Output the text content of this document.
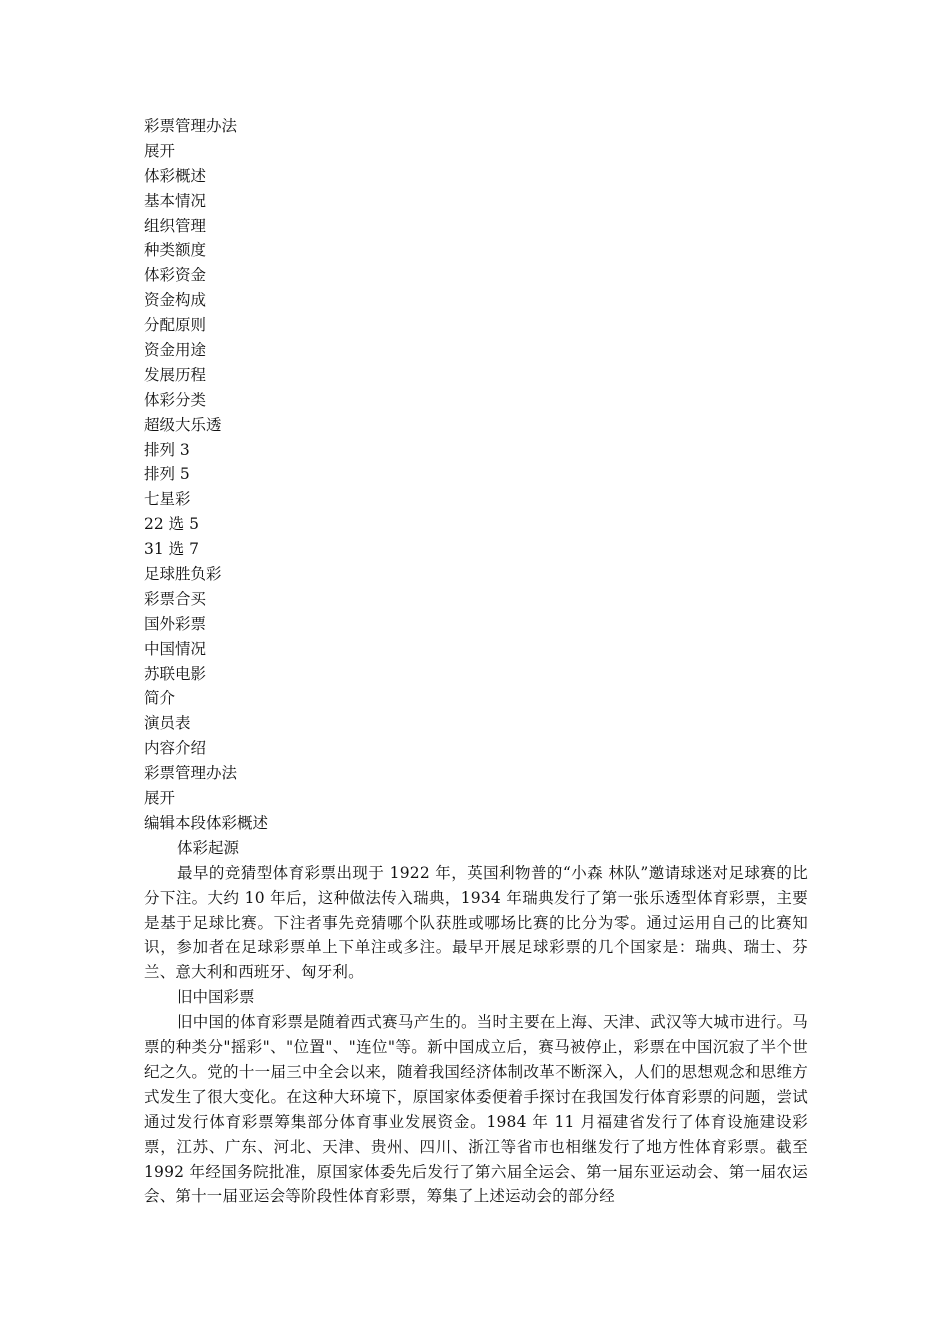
彩票管理办法
展开
体彩概述
基本情况
组织管理
种类额度
体彩资金
资金构成
分配原则
资金用途
发展历程
体彩分类
超级大乐透
排列 3
排列 5
七星彩
22 选 5
31 选 7
足球胜负彩
彩票合买
国外彩票
中国情况
苏联电影
简介
演员表
内容介绍
彩票管理办法
展开
编辑本段体彩概述
体彩起源

最早的竞猜型体育彩票出现于 1922 年，英国利物普的“小森 林队”邀请球迷对足球赛的比分下注。大约 10 年后，这种做法传入瑞典，1934 年瑞典发行了第一张乐透型体育彩票，主要是基于足球比赛。下注者事先竞猜哪个队获胜或哪场比赛的比分为零。通过运用自己的比赛知识，参加者在足球彩票单上下单注或多注。最早开展足球彩票的几个国家是：瑞典、瑞士、芬兰、意大利和西班牙、匈牙利。

旧中国彩票

旧中国的体育彩票是随着西式赛马产生的。当时主要在上海、天津、武汉等大城市进行。马票的种类分"摇彩"、"位置"、"连位"等。新中国成立后，赛马被停止，彩票在中国沉寂了半个世纪之久。党的十一届三中全会以来，随着我国经济体制改革不断深入，人们的思想观念和思维方式发生了很大变化。在这种大环境下，原国家体委便着手探讨在我国发行体育彩票的问题，尝试通过发行体育彩票筹集部分体育事业发展资金。1984 年 11 月福建省发行了体育设施建设彩票，江苏、广东、河北、天津、贵州、四川、浙江等省市也相继发行了地方性体育彩票。截至 1992 年经国务院批准，原国家体委先后发行了第六届全运会、第一届东亚运动会、第一届农运会、第十一届亚运会等阶段性体育彩票，筹集了上述运动会的部分经
